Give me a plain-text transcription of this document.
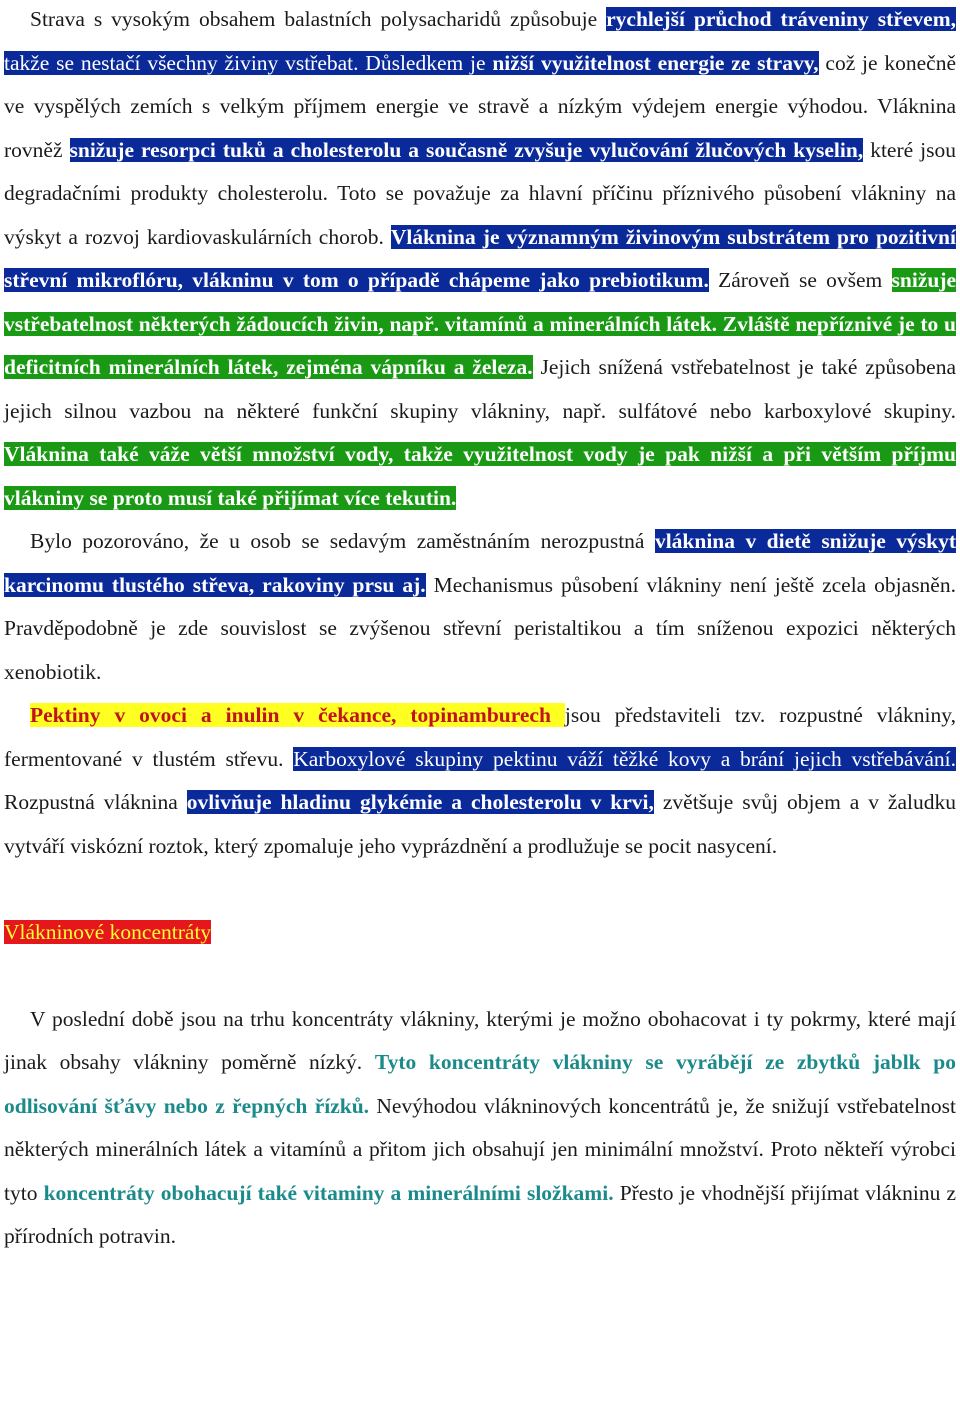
Strava s vysokým obsahem balastních polysacharidů způsobuje rychlejší průchod tráveniny střevem, takže se nestačí všechny živiny vstřebat. Důsledkem je nižší využitelnost energie ze stravy, což je konečně ve vyspělých zemích s velkým příjmem energie ve stravě a nízkým výdejem energie výhodou. Vláknina rovněž snižuje resorpci tuků a cholesterolu a současně zvyšuje vylučování žlučových kyselin, které jsou degradačními produkty cholesterolu. Toto se považuje za hlavní příčinu příznivého působení vlákniny na výskyt a rozvoj kardiovaskulárních chorob. Vláknina je významným živinovým substrátem pro pozitivní střevní mikroflóru, vlákninu v tom o případě chápeme jako prebiotikum. Zároveň se ovšem snižuje vstřebatelnost některých žádoucích živin, např. vitamínů a minerálních látek. Zvláště nepříznivé je to u deficitních minerálních látek, zejména vápníku a železa. Jejich snížená vstřebatelnost je také způsobena jejich silnou vazbou na některé funkční skupiny vlákniny, např. sulfátové nebo karboxylové skupiny. Vláknina také váže větší množství vody, takže využitelnost vody je pak nižší a při větším příjmu vlákniny se proto musí také přijímat více tekutin.

Bylo pozorováno, že u osob se sedavým zaměstnáním nerozpustná vláknina v dietě snižuje výskyt karcinomu tlustého střeva, rakoviny prsu aj. Mechanismus působení vlákniny není ještě zcela objasněn. Pravděpodobně je zde souvislost se zvýšenou střevní peristaltikou a tím sníženou expozici některých xenobiotik.

Pektiny v ovoci a inulin v čekance, topinamburech jsou představiteli tzv. rozpustné vlákniny, fermentované v tlustém střevu. Karboxylové skupiny pektinu váží těžké kovy a brání jejich vstřebávání. Rozpustná vláknina ovlivňuje hladinu glykémie a cholesterolu v krvi, zvětšuje svůj objem a v žaludku vytváří viskózní roztok, který zpomaluje jeho vyprázdnění a prodlužuje se pocit nasycení.

Vlákninové koncentráty

V poslední době jsou na trhu koncentráty vlákniny, kterými je možno obohacovat i ty pokrmy, které mají jinak obsahy vlákniny poměrně nízký. Tyto koncentráty vlákniny se vyrábějí ze zbytků jablk po odlisování šťávy nebo z řepných řízků. Nevýhodou vlákninových koncentrátů je, že snižují vstřebatelnost některých minerálních látek a vitamínů a přitom jich obsahují jen minimální množství. Proto někteří výrobci tyto koncentráty obohacují také vitaminy a minerálními složkami. Přesto je vhodnější přijímat vlákninu z přírodních potravin.
